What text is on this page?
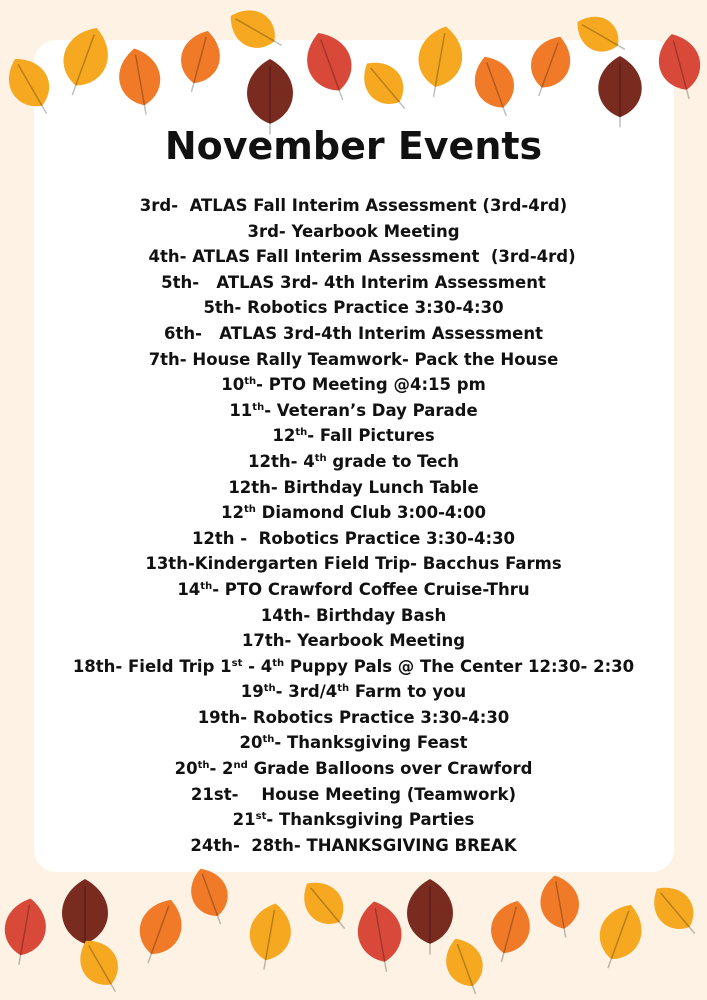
November Events
3rd-  ATLAS Fall Interim Assessment (3rd-4rd)
3rd- Yearbook Meeting
4th- ATLAS Fall Interim Assessment  (3rd-4rd)
5th-   ATLAS 3rd- 4th Interim Assessment
5th- Robotics Practice 3:30-4:30
6th-   ATLAS 3rd-4th Interim Assessment
7th- House Rally Teamwork- Pack the House
10th- PTO Meeting @4:15 pm
11th- Veteran’s Day Parade
12th- Fall Pictures
12th- 4th grade to Tech
12th- Birthday Lunch Table
12th Diamond Club 3:00-4:00
12th -  Robotics Practice 3:30-4:30
13th-Kindergarten Field Trip- Bacchus Farms
14th- PTO Crawford Coffee Cruise-Thru
14th- Birthday Bash
17th- Yearbook Meeting
18th- Field Trip 1st - 4th Puppy Pals @ The Center 12:30- 2:30
19th- 3rd/4th Farm to you
19th- Robotics Practice 3:30-4:30
20th- Thanksgiving Feast
20th- 2nd Grade Balloons over Crawford
21st-    House Meeting (Teamwork)
21st- Thanksgiving Parties
24th-  28th- THANKSGIVING BREAK
